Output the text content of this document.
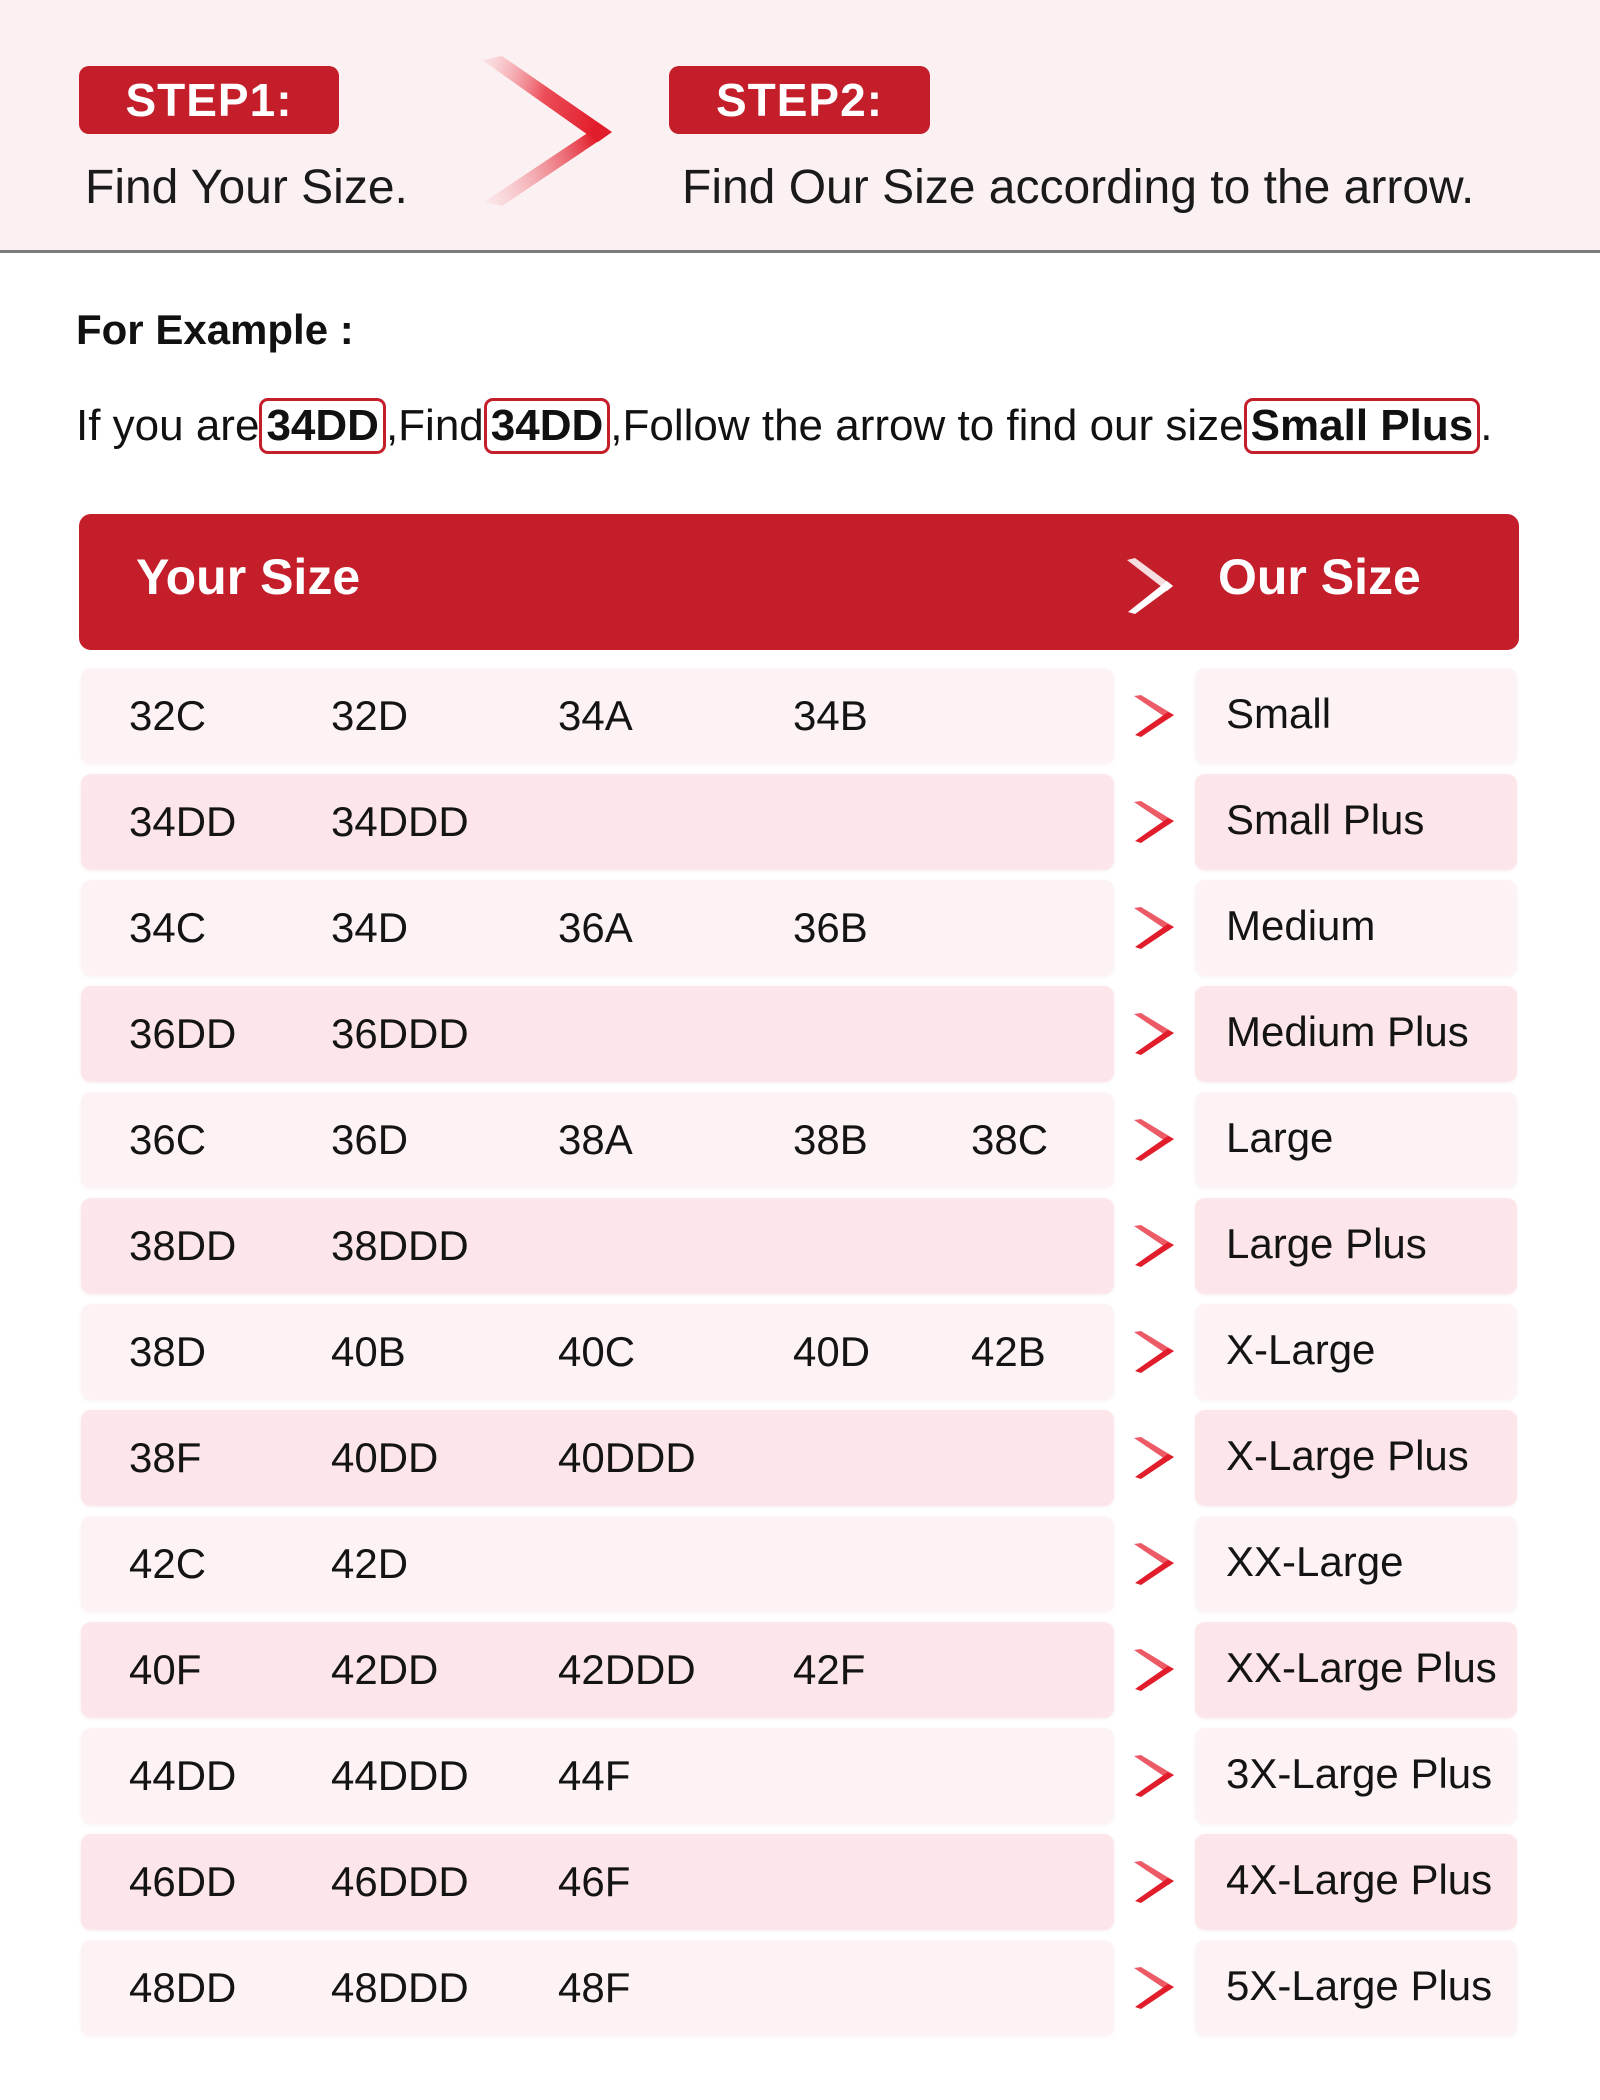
STEP1:
Find Your Size.
STEP2:
Find Our Size according to the arrow.
For Example :
If you are 34DD ,Find 34DD ,Follow the arrow to find our size Small Plus .
Your Size	Our Size
32C	32D	34A	34B	Small
34DD 34DDD	Small Plus
34C	34D	36A	36B	Medium
36DD 36DDD	Medium Plus
36C	36D	38A	38B 38C	Large
38DD 38DDD	Large Plus
38D	40B	40C	40D 42B	X-Large
38F	40DD	40DDD	X-Large Plus
42C	42D	XX-Large
40F	42DD	42DDD 42F	XX-Large Plus
44DD 44DDD 44F	3X-Large Plus
46DD 46DDD 46F	4X-Large Plus
48DD 48DDD 48F	5X-Large Plus
